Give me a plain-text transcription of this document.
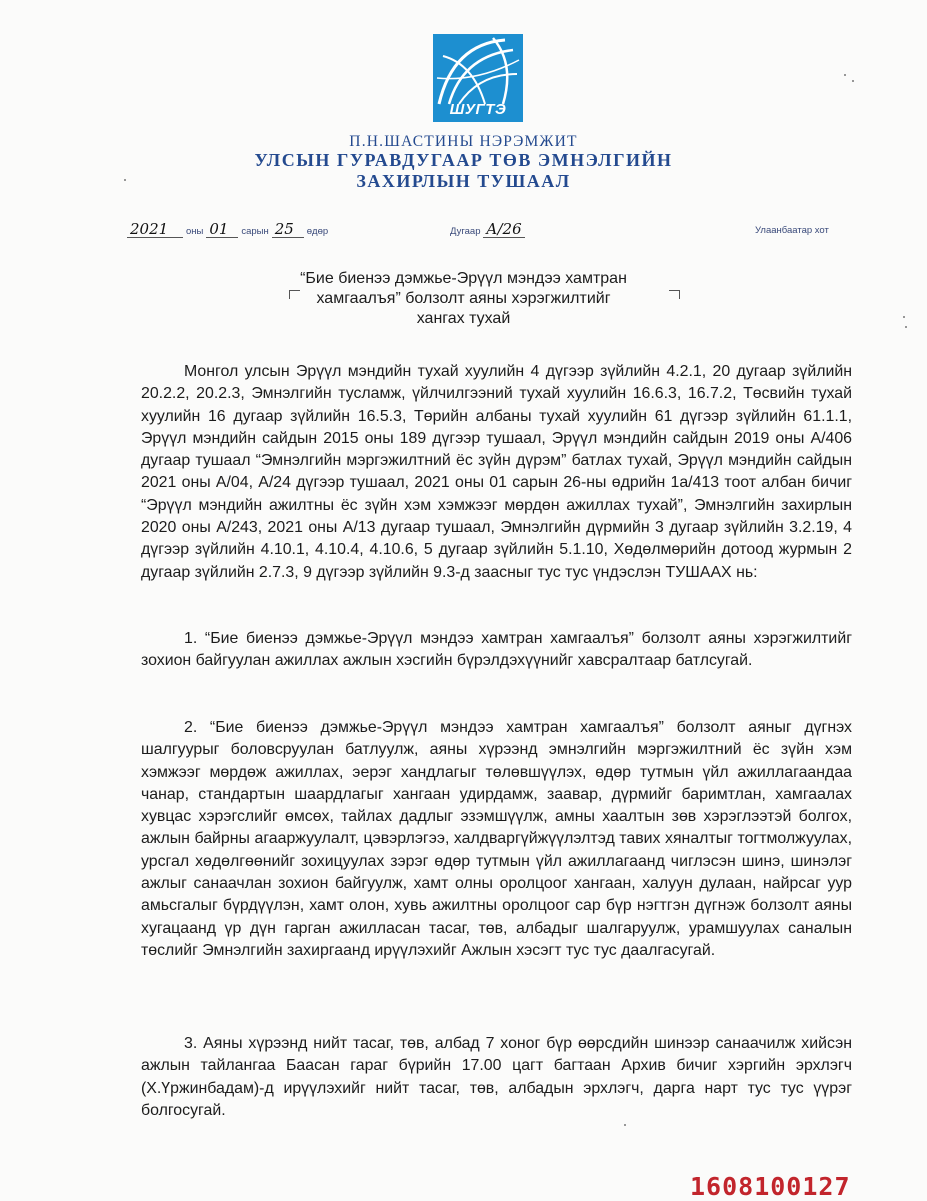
ШУГТЭ
П.Н.ШАСТИНЫ НЭРЭМЖИТ
УЛСЫН ГУРАВДУГААР ТӨВ ЭМНЭЛГИЙН
ЗАХИРЛЫН ТУШААЛ
2021 оны 01 сарын 25 өдөр	Дугаар А/26	Улаанбаатар хот
“Бие биенээ дэмжье-Эрүүл мэндээ хамтран
хамгаалъя” болзолт аяны хэрэгжилтийг
хангах тухай

Монгол улсын Эрүүл мэндийн тухай хуулийн 4 дүгээр зүйлийн 4.2.1, 20 дугаар зүйлийн 20.2.2, 20.2.3, Эмнэлгийн тусламж, үйлчилгээний тухай хуулийн 16.6.3, 16.7.2, Төсвийн тухай хуулийн 16 дугаар зүйлийн 16.5.3, Төрийн албаны тухай хуулийн 61 дүгээр зүйлийн 61.1.1, Эрүүл мэндийн сайдын 2015 оны 189 дүгээр тушаал, Эрүүл мэндийн сайдын 2019 оны А/406 дугаар тушаал “Эмнэлгийн мэргэжилтний ёс зүйн дүрэм” батлах тухай, Эрүүл мэндийн сайдын 2021 оны А/04, А/24 дүгээр тушаал, 2021 оны 01 сарын 26-ны өдрийн 1а/413 тоот албан бичиг “Эрүүл мэндийн ажилтны ёс зүйн хэм хэмжээг мөрдөн ажиллах тухай”, Эмнэлгийн захирлын 2020 оны А/243, 2021 оны А/13 дугаар тушаал, Эмнэлгийн дүрмийн 3 дугаар зүйлийн 3.2.19, 4 дүгээр зүйлийн 4.10.1, 4.10.4, 4.10.6, 5 дугаар зүйлийн 5.1.10, Хөдөлмөрийн дотоод журмын 2 дугаар зүйлийн 2.7.3, 9 дүгээр зүйлийн 9.3-д заасныг тус тус үндэслэн ТУШААХ нь:

1. “Бие биенээ дэмжье-Эрүүл мэндээ хамтран хамгаалъя” болзолт аяны хэрэгжилтийг зохион байгуулан ажиллах ажлын хэсгийн бүрэлдэхүүнийг хавсралтаар батлсугай.

2. “Бие биенээ дэмжье-Эрүүл мэндээ хамтран хамгаалъя” болзолт аяныг дүгнэх шалгуурыг боловсруулан батлуулж, аяны хүрээнд эмнэлгийн мэргэжилтний ёс зүйн хэм хэмжээг мөрдөж ажиллах, эерэг хандлагыг төлөвшүүлэх, өдөр тутмын үйл ажиллагаандаа чанар, стандартын шаардлагыг хангаан удирдамж, заавар, дүрмийг баримтлан, хамгаалах хувцас хэрэгслийг өмсөх, тайлах дадлыг эзэмшүүлж, амны хаалтын зөв хэрэглээтэй болгох, ажлын байрны агааржуулалт, цэвэрлэгээ, халдваргүйжүүлэлтэд тавих хяналтыг тогтмолжуулах, урсгал хөдөлгөөнийг зохицуулах зэрэг өдөр тутмын үйл ажиллагаанд чиглэсэн шинэ, шинэлэг ажлыг санаачлан зохион байгуулж, хамт олны оролцоог хангаан, халуун дулаан, найрсаг уур амьсгалыг бүрдүүлэн, хамт олон, хувь ажилтны оролцоог сар бүр нэгтгэн дүгнэж болзолт аяны хугацаанд үр дүн гарган ажилласан тасаг, төв, албадыг шалгаруулж, урамшуулах саналын төслийг Эмнэлгийн захиргаанд ирүүлэхийг Ажлын хэсэгт тус тус даалгасугай.

3. Аяны хүрээнд нийт тасаг, төв, албад 7 хоног бүр өөрсдийн шинээр санаачилж хийсэн ажлын тайлангаа Баасан гараг бүрийн 17.00 цагт багтаан Архив бичиг хэргийн эрхлэгч (Х.Үржинбадам)-д ирүүлэхийг нийт тасаг, төв, албадын эрхлэгч, дарга нарт тус тус үүрэг болгосугай.

1608100127
